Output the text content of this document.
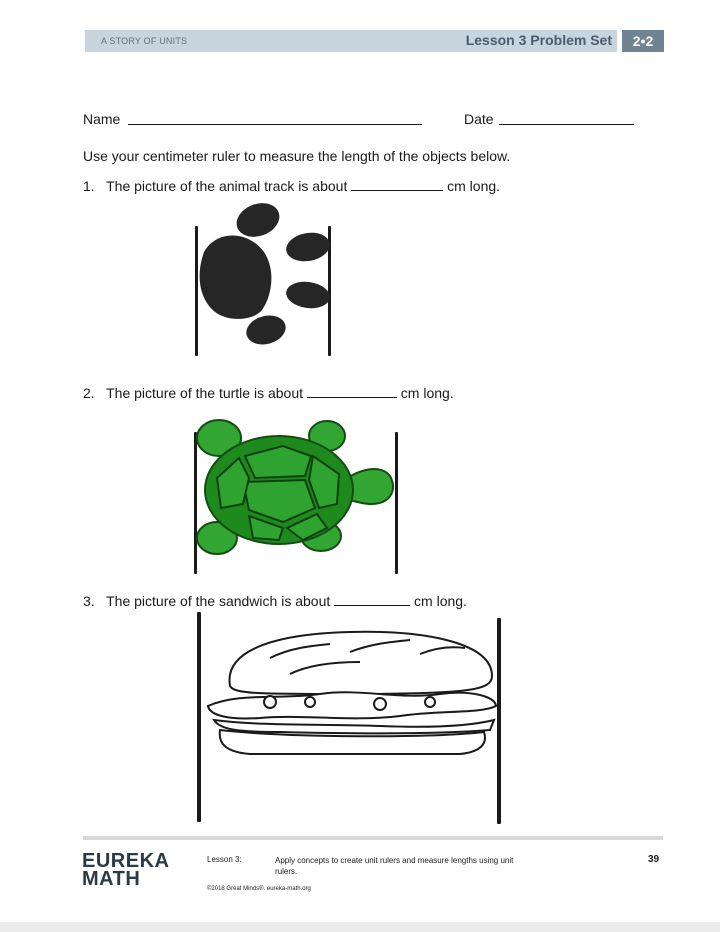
A STORY OF UNITS	Lesson 3 Problem Set	2•2
Name	Date
Use your centimeter ruler to measure the length of the objects below.
1. The picture of the animal track is about	cm long.
2. The picture of the turtle is about	cm long.
3. The picture of the sandwich is about	cm long.
EUREKA
MATH
Lesson 3:	Apply concepts to create unit rulers and measure lengths using unit
rulers.
©2018 Great Minds®. eureka-math.org
39
